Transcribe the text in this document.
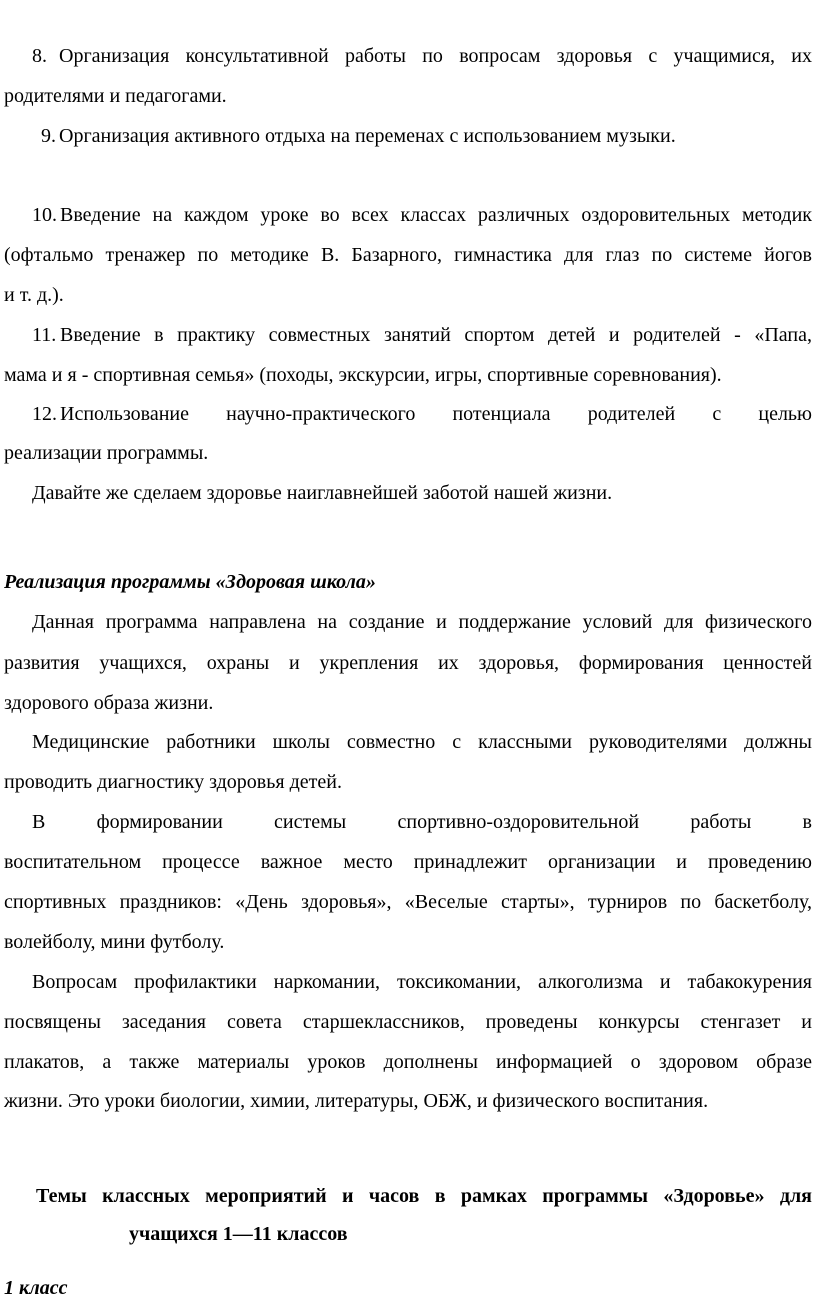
8. Организация консультативной работы по вопросам здоровья с учащимися, их
родителями и педагогами.
9. Организация активного отдыха на переменах с использованием музыки.
10. Введение на каждом уроке во всех классах различных оздоровительных методик
(офтальмо тренажер по методике В. Базарного, гимнастика для глаз по системе йогов
и т. д.).
11. Введение в практику совместных занятий спортом детей и родителей - «Папа,
мама и я - спортивная семья» (походы, экскурсии, игры, спортивные соревнования).
12. Использование научно-практического потенциала родителей с целью
реализации программы.
Давайте же сделаем здоровье наиглавнейшей заботой нашей жизни.
Реализация программы «Здоровая школа»
Данная программа направлена на создание и поддержание условий для физического
развития учащихся, охраны и укрепления их здоровья, формирования ценностей
здорового образа жизни.
Медицинские работники школы совместно с классными руководителями должны
проводить диагностику здоровья детей.
В формировании системы спортивно-оздоровительной работы в
воспитательном процессе важное место принадлежит организации и проведению
спортивных праздников: «День здоровья», «Веселые старты», турниров по баскетболу,
волейболу, мини футболу.
Вопросам профилактики наркомании, токсикомании, алкоголизма и табакокурения
посвящены заседания совета старшеклассников, проведены конкурсы стенгазет и
плакатов, а также материалы уроков дополнены информацией о здоровом образе
жизни. Это уроки биологии, химии, литературы, ОБЖ, и физического воспитания.
Темы классных мероприятий и часов в рамках программы «Здоровье» для
учащихся 1—11 классов
1 класс
